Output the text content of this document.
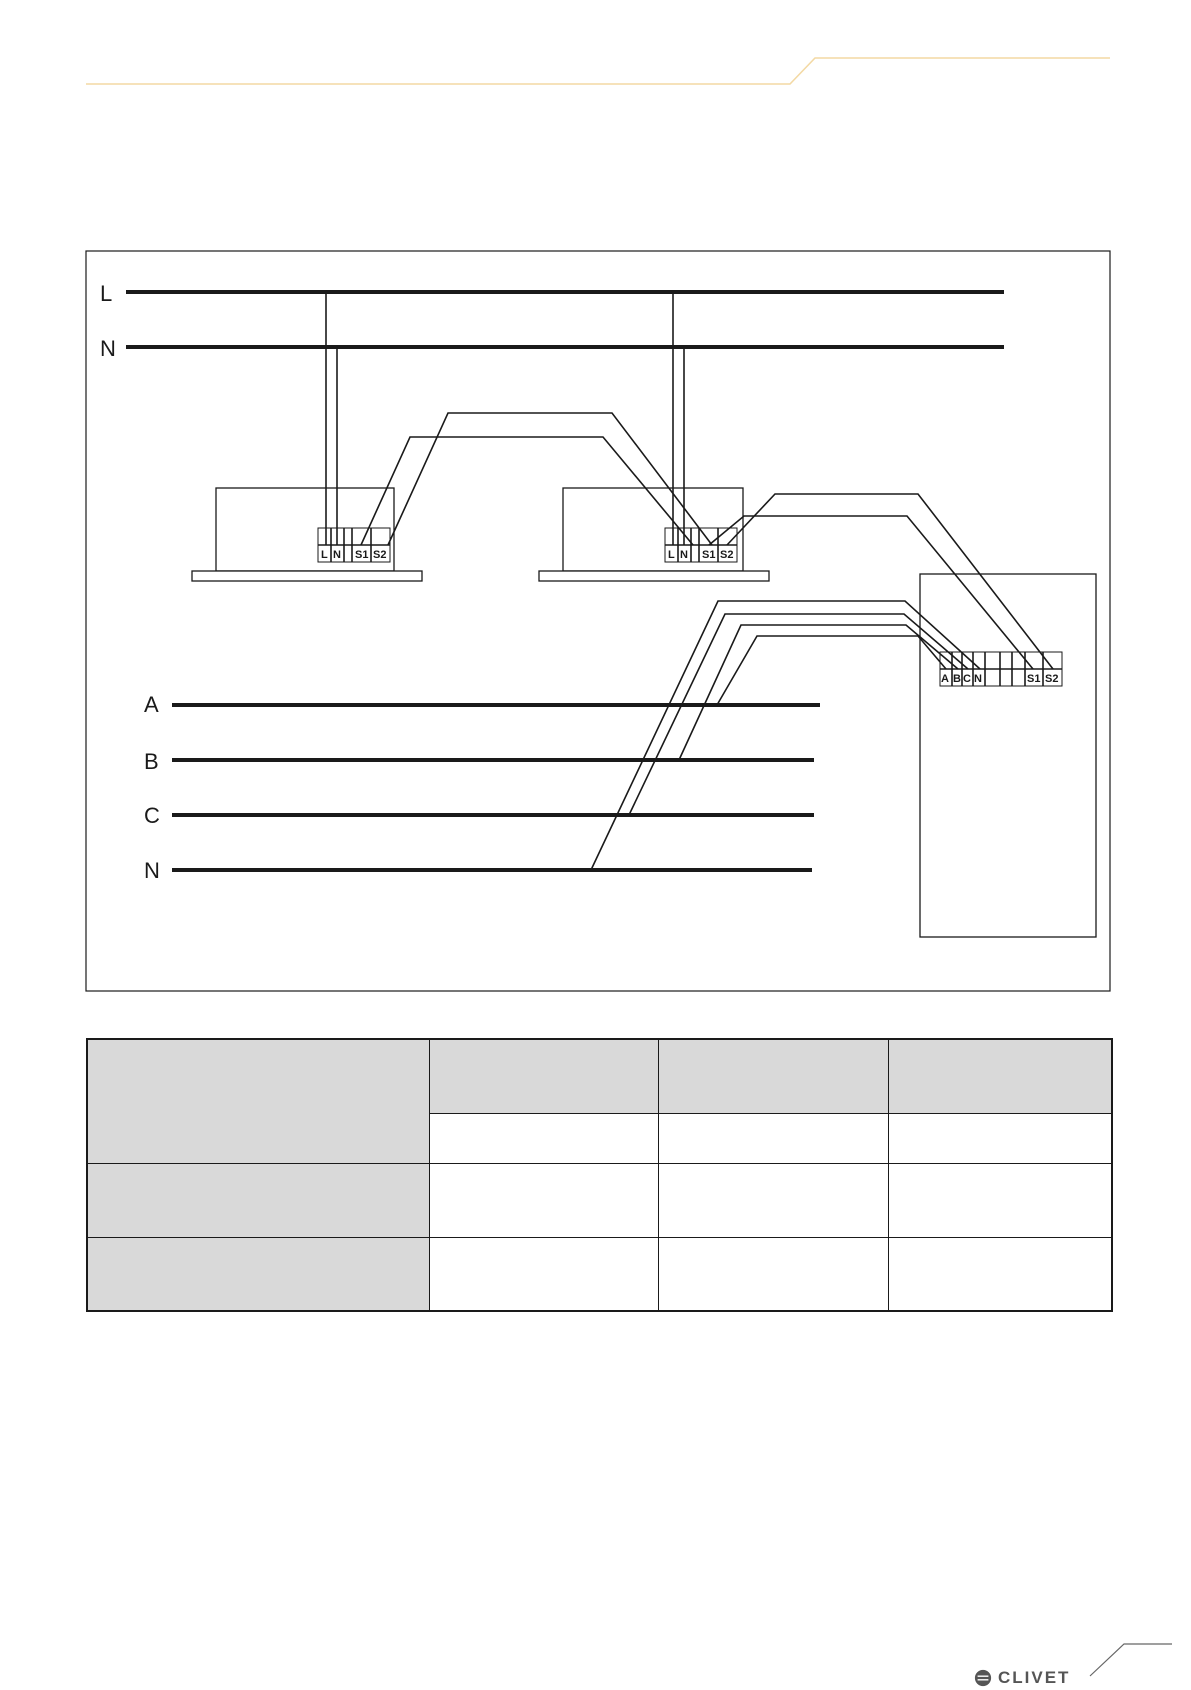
L
N
L N S1 S2	L N S1 S2
A B C N	S1 S2
A
B
C
N

CLIVET
